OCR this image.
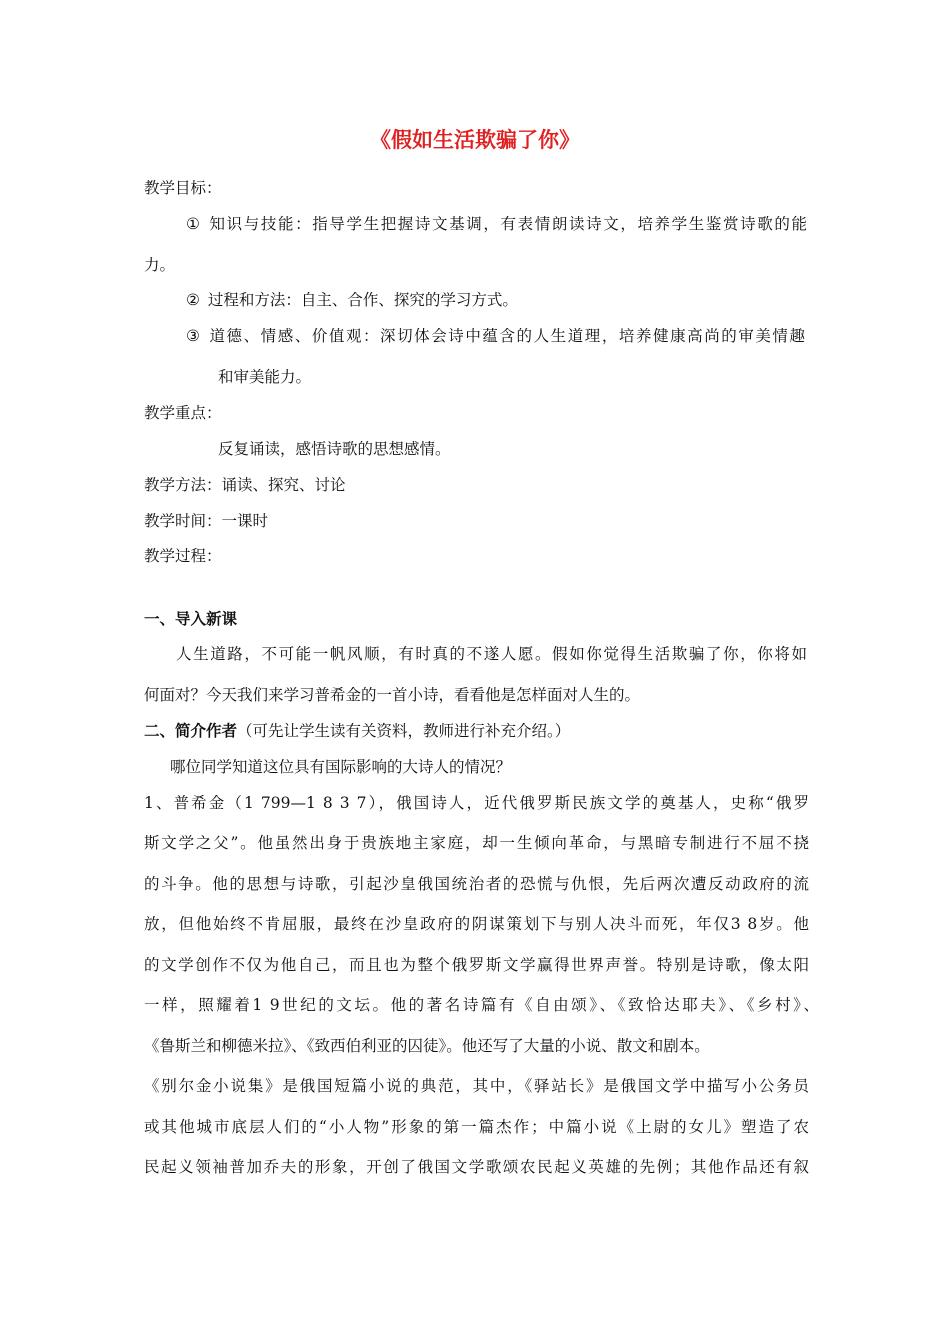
《假如生活欺骗了你》
教学目标：
① 知识与技能：指导学生把握诗文基调，有表情朗读诗文，培养学生鉴赏诗歌的能
力。
② 过程和方法：自主、合作、探究的学习方式。
③ 道德、情感、价值观：深切体会诗中蕴含的人生道理，培养健康高尚的审美情趣
和审美能力。
教学重点：
反复诵读，感悟诗歌的思想感情。
教学方法：诵读、探究、讨论
教学时间：一课时
教学过程：
一、导入新课
人生道路，不可能一帆风顺，有时真的不遂人愿。假如你觉得生活欺骗了你，你将如
何面对？今天我们来学习普希金的一首小诗，看看他是怎样面对人生的。
二、简介作者（可先让学生读有关资料，教师进行补充介绍。）
哪位同学知道这位具有国际影响的大诗人的情况？
1、普希金（1 799—1 8 3 7），俄国诗人，近代俄罗斯民族文学的奠基人，史称“俄罗
斯文学之父”。他虽然出身于贵族地主家庭，却一生倾向革命，与黑暗专制进行不屈不挠
的斗争。他的思想与诗歌，引起沙皇俄国统治者的恐慌与仇恨，先后两次遭反动政府的流
放，但他始终不肯屈服，最终在沙皇政府的阴谋策划下与别人决斗而死，年仅3 8岁。他
的文学创作不仅为他自己，而且也为整个俄罗斯文学赢得世界声誉。特别是诗歌，像太阳
一样，照耀着1 9世纪的文坛。他的著名诗篇有《自由颂》、《致恰达耶夫》、《乡村》、
《鲁斯兰和柳德米拉》、《致西伯利亚的囚徒》。他还写了大量的小说、散文和剧本。
《别尔金小说集》是俄国短篇小说的典范，其中，《驿站长》是俄国文学中描写小公务员
或其他城市底层人们的“小人物”形象的第一篇杰作；中篇小说《上尉的女儿》塑造了农
民起义领袖普加乔夫的形象，开创了俄国文学歌颂农民起义英雄的先例；其他作品还有叙
